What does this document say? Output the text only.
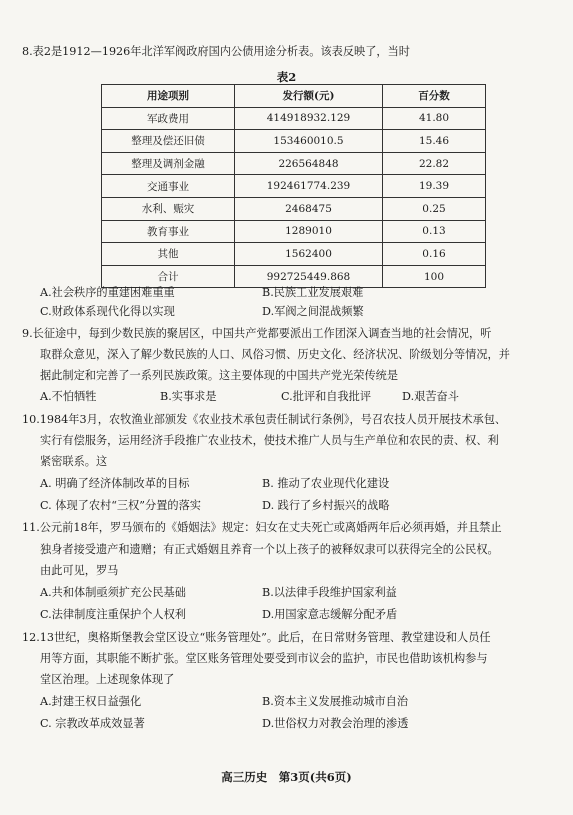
8.表2是1912—1926年北洋军阀政府国内公债用途分析表。该表反映了，当时
表2
用途项别	发行额(元)	百分数
军政费用	414918932.129	41.80
整理及偿还旧债	153460010.5	15.46
整理及调剂金融	226564848	22.82
交通事业	192461774.239	19.39
水利、赈灾	2468475	0.25
教育事业	1289010	0.13
其他	1562400	0.16
合计	992725449.868	100
A.社会秩序的重建困难重重	B.民族工业发展艰难
C.财政体系现代化得以实现	D.军阀之间混战频繁
9.长征途中，每到少数民族的聚居区，中国共产党都要派出工作团深入调查当地的社会情况，听
取群众意见，深入了解少数民族的人口、风俗习惯、历史文化、经济状况、阶级划分等情况，并
据此制定和完善了一系列民族政策。这主要体现的中国共产党光荣传统是
A.不怕牺牲	B.实事求是	C.批评和自我批评	D.艰苦奋斗
10.1984年3月，农牧渔业部颁发《农业技术承包责任制试行条例》，号召农技人员开展技术承包、
实行有偿服务，运用经济手段推广农业技术，使技术推广人员与生产单位和农民的责、权、利
紧密联系。这
A. 明确了经济体制改革的目标	B. 推动了农业现代化建设
C. 体现了农村“三权”分置的落实	D. 践行了乡村振兴的战略
11.公元前18年，罗马颁布的《婚姻法》规定：妇女在丈夫死亡或离婚两年后必须再婚，并且禁止
独身者接受遗产和遗赠；有正式婚姻且养育一个以上孩子的被释奴隶可以获得完全的公民权。
由此可见，罗马
A.共和体制亟须扩充公民基础	B.以法律手段维护国家利益
C.法律制度注重保护个人权利	D.用国家意志缓解分配矛盾
12.13世纪，奥格斯堡教会堂区设立“账务管理处”。此后，在日常财务管理、教堂建设和人员任
用等方面，其职能不断扩张。堂区账务管理处要受到市议会的监护，市民也借助该机构参与
堂区治理。上述现象体现了
A.封建王权日益强化	B.资本主义发展推动城市自治
C. 宗教改革成效显著	D.世俗权力对教会治理的渗透
高三历史　第3页(共6页)
